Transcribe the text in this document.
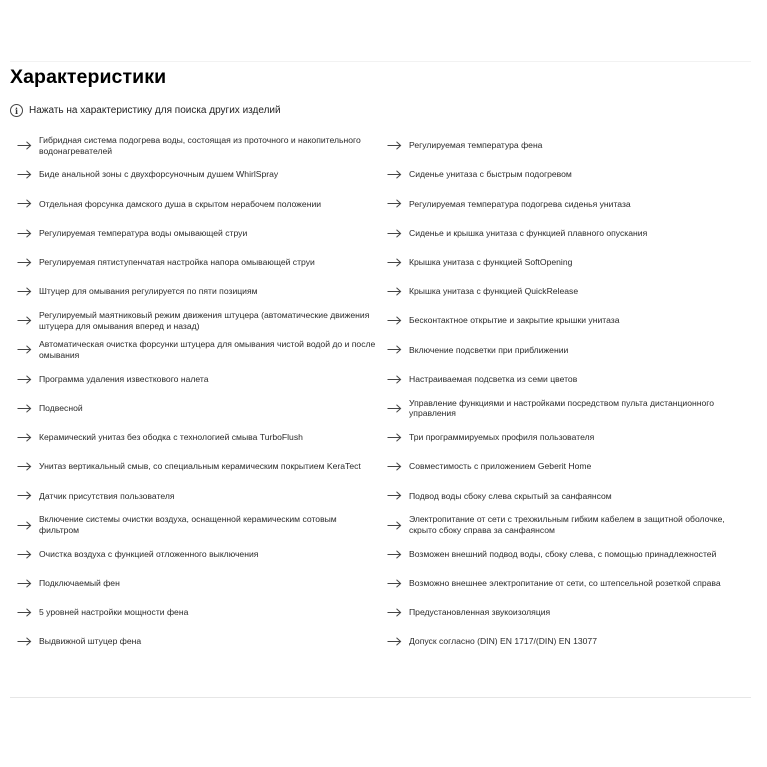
Характеристики
i	Нажать на характеристику для поиска других изделий
Гибридная система подогрева воды, состоящая из проточного и накопительного водонагревателей
Биде анальной зоны с двухфорсуночным душем WhirlSpray
Отдельная форсунка дамского душа в скрытом нерабочем положении
Регулируемая температура воды омывающей струи
Регулируемая пятиступенчатая настройка напора омывающей струи
Штуцер для омывания регулируется по пяти позициям
Регулируемый маятниковый режим движения штуцера (автоматические движения штуцера для омывания вперед и назад)
Автоматическая очистка форсунки штуцера для омывания чистой водой до и после омывания
Программа удаления известкового налета
Подвесной
Керамический унитаз без ободка с технологией смыва TurboFlush
Унитаз вертикальный смыв, со специальным керамическим покрытием KeraTect
Датчик присутствия пользователя
Включение системы очистки воздуха, оснащенной керамическим сотовым фильтром
Очистка воздуха с функцией отложенного выключения
Подключаемый фен
5 уровней настройки мощности фена
Выдвижной штуцер фена
Регулируемая температура фена
Сиденье унитаза с быстрым подогревом
Регулируемая температура подогрева сиденья унитаза
Сиденье и крышка унитаза с функцией плавного опускания
Крышка унитаза с функцией SoftOpening
Крышка унитаза с функцией QuickRelease
Бесконтактное открытие и закрытие крышки унитаза
Включение подсветки при приближении
Настраиваемая подсветка из семи цветов
Управление функциями и настройками посредством пульта дистанционного управления
Три программируемых профиля пользователя
Совместимость с приложением Geberit Home
Подвод воды сбоку слева скрытый за санфаянсом
Электропитание от сети с трехжильным гибким кабелем в защитной оболочке, скрыто сбоку справа за санфаянсом
Возможен внешний подвод воды, сбоку слева, с помощью принадлежностей
Возможно внешнее электропитание от сети, со штепсельной розеткой справа
Предустановленная звукоизоляция
Допуск согласно (DIN) EN 1717/(DIN) EN 13077
